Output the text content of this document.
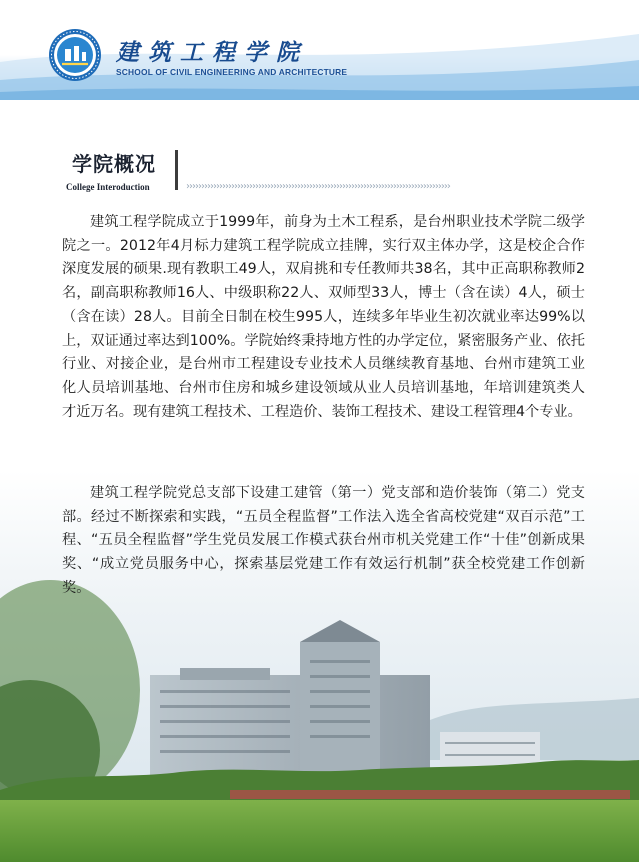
建筑工程学院
SCHOOL OF CIVIL ENGINEERING AND ARCHITECTURE
学院概况
College Interoduction	››››››››››››››››››››››››››››››››››››››››››››››››››››››››››››››››››››››››››››››››››››››››

建筑工程学院成立于1999年，前身为土木工程系，是台州职业技术学院二级学院之一。2012年4月标力建筑工程学院成立挂牌，实行双主体办学，这是校企合作深度发展的硕果.现有教职工49人，双肩挑和专任教师共38名，其中正高职称教师2名，副高职称教师16人、中级职称22人、双师型33人，博士（含在读）4人，硕士（含在读）28人。目前全日制在校生995人，连续多年毕业生初次就业率达99%以上，双证通过率达到100%。学院始终秉持地方性的办学定位，紧密服务产业、依托行业、对接企业，是台州市工程建设专业技术人员继续教育基地、台州市建筑工业化人员培训基地、台州市住房和城乡建设领域从业人员培训基地，年培训建筑类人才近万名。现有建筑工程技术、工程造价、装饰工程技术、建设工程管理4个专业。

建筑工程学院党总支部下设建工建管（第一）党支部和造价装饰（第二）党支部。经过不断探索和实践，“五员全程监督”工作法入选全省高校党建“双百示范”工程、“五员全程监督”学生党员发展工作模式获台州市机关党建工作“十佳”创新成果奖、“成立党员服务中心，探索基层党建工作有效运行机制”获全校党建工作创新奖。
